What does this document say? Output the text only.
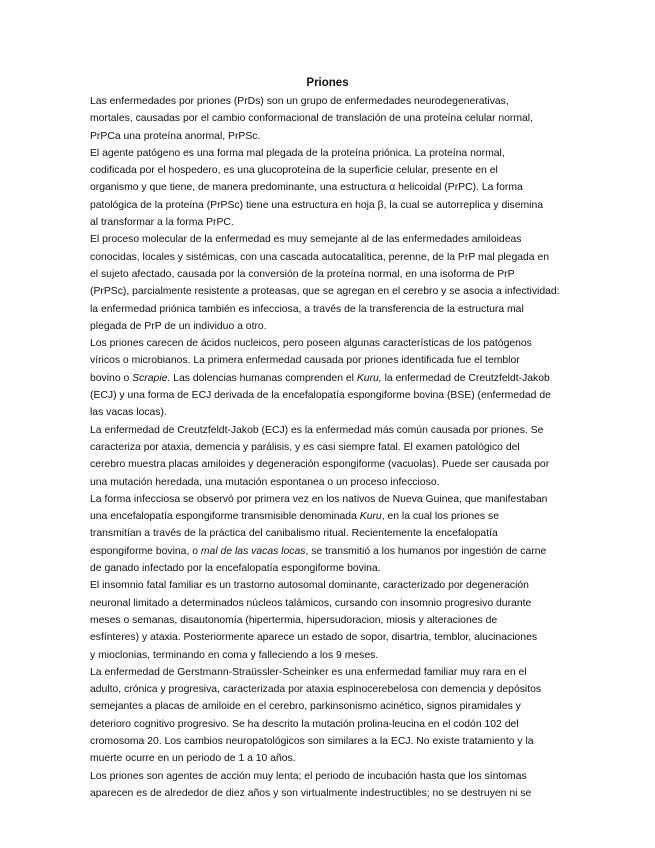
Priones
Las enfermedades por priones (PrDs) son un grupo de enfermedades neurodegenerativas,
mortales, causadas por el cambio conformacional de translación de una proteína celular normal,
PrPCa una proteína anormal, PrPSc.
El agente patógeno es una forma mal plegada de la proteína priónica. La proteína normal,
codificada por el hospedero, es una glucoproteína de la superficie celular, presente en el
organismo y que tiene, de manera predominante, una estructura α helicoidal (PrPC). La forma
patológica de la proteína (PrPSc) tiene una estructura en hoja β, la cual se autorreplica y disemina
al transformar a la forma PrPC.
El proceso molecular de la enfermedad es muy semejante al de las enfermedades amiloideas
conocidas, locales y sistémicas, con una cascada autocatalítica, perenne, de la PrP mal plegada en
el sujeto afectado, causada por la conversión de la proteína normal, en una isoforma de PrP
(PrPSc), parcialmente resistente a proteasas, que se agregan en el cerebro y se asocia a infectividad:
la enfermedad priónica también es infecciosa, a través de la transferencia de la estructura mal
plegada de PrP de un individuo a otro.
Los priones carecen de ácidos nucleicos, pero poseen algunas características de los patógenos
víricos o microbianos. La primera enfermedad causada por priones identificada fue el temblor
bovino o Scrapie. Las dolencias humanas comprenden el Kuru, la enfermedad de Creutzfeldt-Jakob
(ECJ) y una forma de ECJ derivada de la encefalopatía espongiforme bovina (BSE) (enfermedad de
las vacas locas).
La enfermedad de Creutzfeldt-Jakob (ECJ) es la enfermedad más común causada por priones. Se
caracteriza por ataxia, demencia y parálisis, y es casi siempre fatal. El examen patológico del
cerebro muestra placas amiloides y degeneración espongiforme (vacuolas). Puede ser causada por
una mutación heredada, una mutación espontanea o un proceso infeccioso.
La forma infecciosa se observó por primera vez en los nativos de Nueva Guinea, que manifestaban
una encefalopatía espongiforme transmisible denominada Kuru, en la cual los priones se
transmitían a través de la práctica del canibalismo ritual. Recientemente la encefalopatía
espongiforme bovina, o mal de las vacas locas, se transmitió a los humanos por ingestión de carne
de ganado infectado por la encefalopatía espongiforme bovina.
El insomnio fatal familiar es un trastorno autosomal dominante, caracterizado por degeneración
neuronal limitado a determinados núcleos talámicos, cursando con insomnio progresivo durante
meses o semanas, disautonomía (hipertermia, hipersudoracion, miosis y alteraciones de
esfínteres) y ataxia. Posteriormente aparece un estado de sopor, disartria, temblor, alucinaciones
y mioclonias, terminando en coma y falleciendo a los 9 meses.
La enfermedad de Gerstmann-Straüssler-Scheinker es una enfermedad familiar muy rara en el
adulto, crónica y progresiva, caracterizada por ataxia espinocerebelosa con demencia y depósitos
semejantes a placas de amiloide en el cerebro, parkinsonismo acinético, signos piramidales y
deterioro cognitivo progresivo. Se ha descrito la mutación prolina-leucina en el codón 102 del
cromosoma 20. Los cambios neuropatológicos son similares a la ECJ. No existe tratamiento y la
muerte ocurre en un periodo de 1 a 10 años.
Los priones son agentes de acción muy lenta; el periodo de incubación hasta que los síntomas
aparecen es de alrededor de diez años y son virtualmente indestructibles; no se destruyen ni se
